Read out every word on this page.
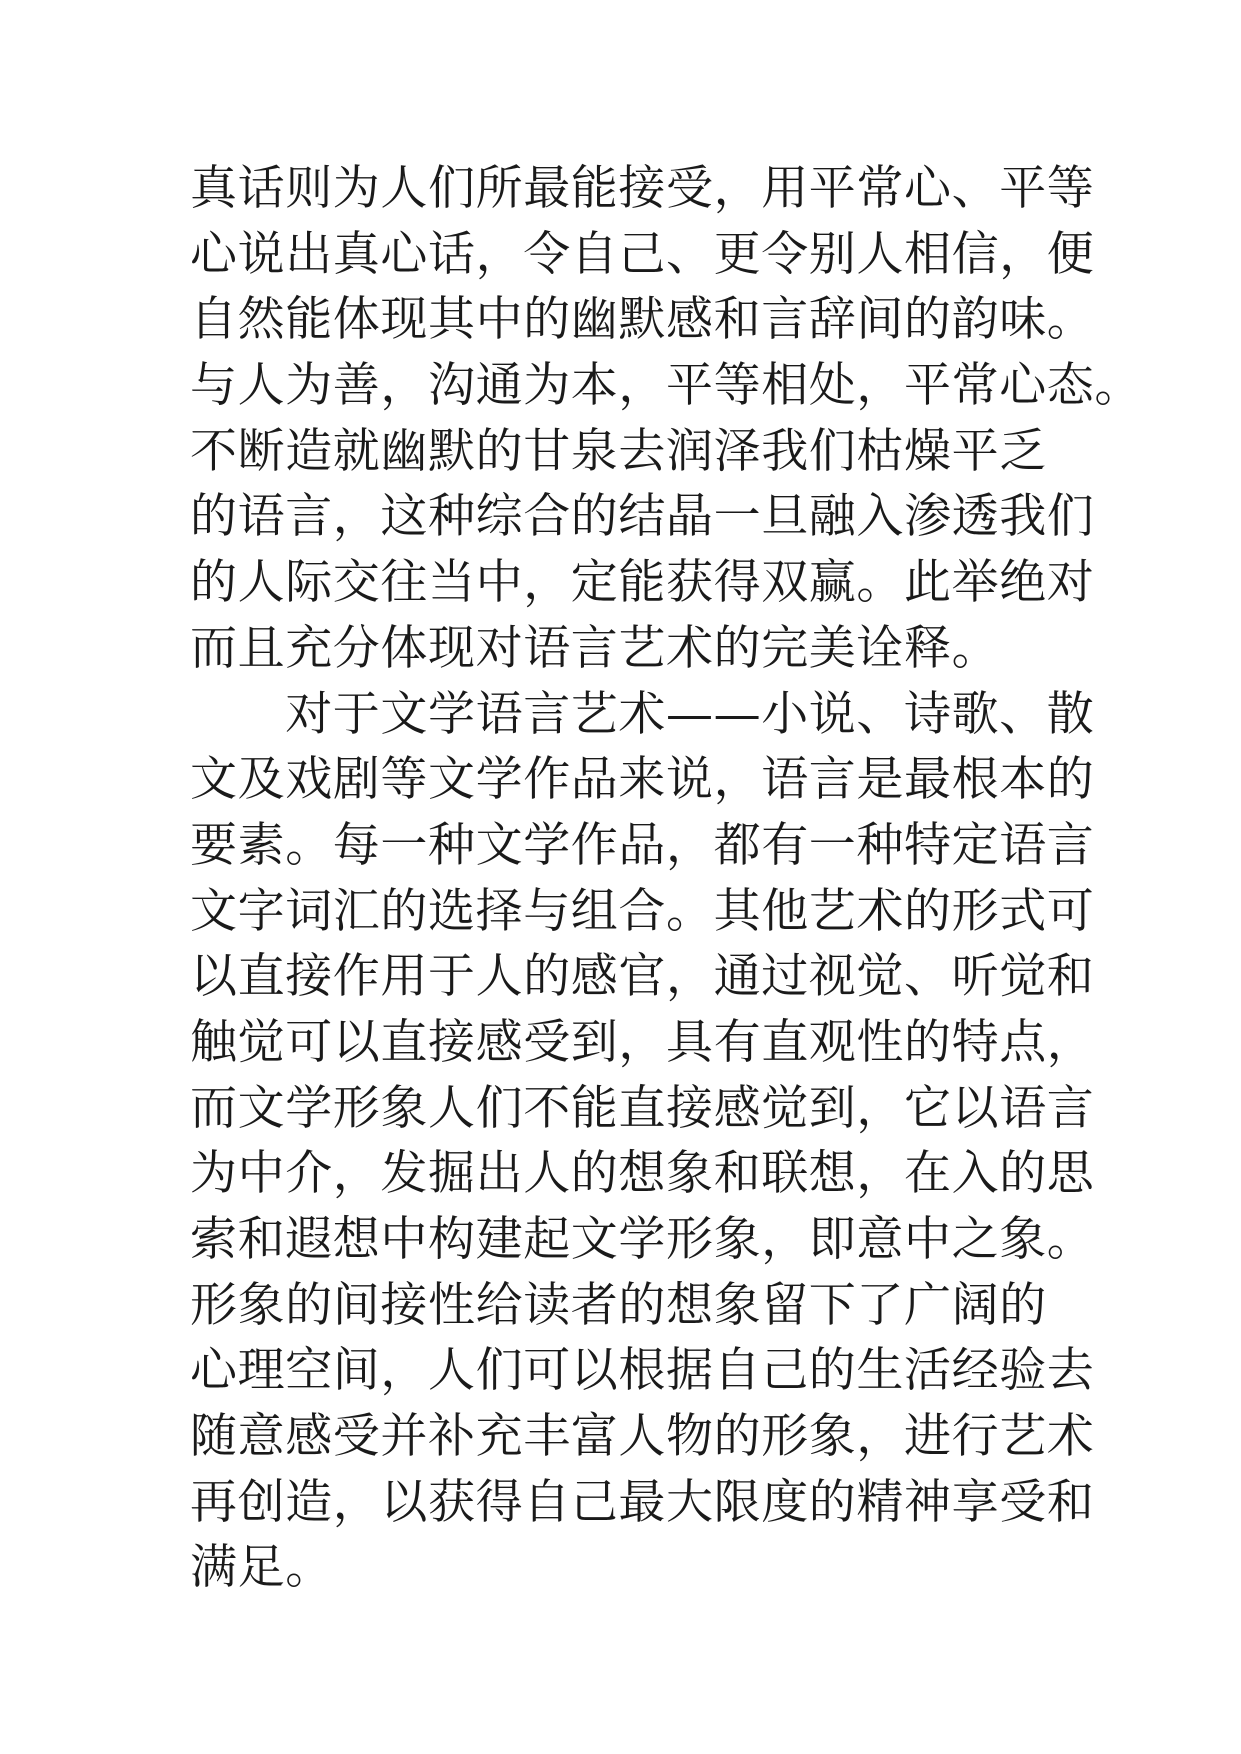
真话则为人们所最能接受，用平常心、平等
心说出真心话，令自己、更令别人相信，便
自然能体现其中的幽默感和言辞间的韵味。
与人为善，沟通为本，平等相处，平常心态。
不断造就幽默的甘泉去润泽我们枯燥平乏
的语言，这种综合的结晶一旦融入渗透我们
的人际交往当中，定能获得双赢。此举绝对
而且充分体现对语言艺术的完美诠释。
　　对于文学语言艺术——小说、诗歌、散
文及戏剧等文学作品来说，语言是最根本的
要素。每一种文学作品，都有一种特定语言
文字词汇的选择与组合。其他艺术的形式可
以直接作用于人的感官，通过视觉、听觉和
触觉可以直接感受到，具有直观性的特点，
而文学形象人们不能直接感觉到，它以语言
为中介，发掘出人的想象和联想，在入的思
索和遐想中构建起文学形象，即意中之象。
形象的间接性给读者的想象留下了广阔的
心理空间，人们可以根据自己的生活经验去
随意感受并补充丰富人物的形象，进行艺术
再创造，以获得自己最大限度的精神享受和
满足。
